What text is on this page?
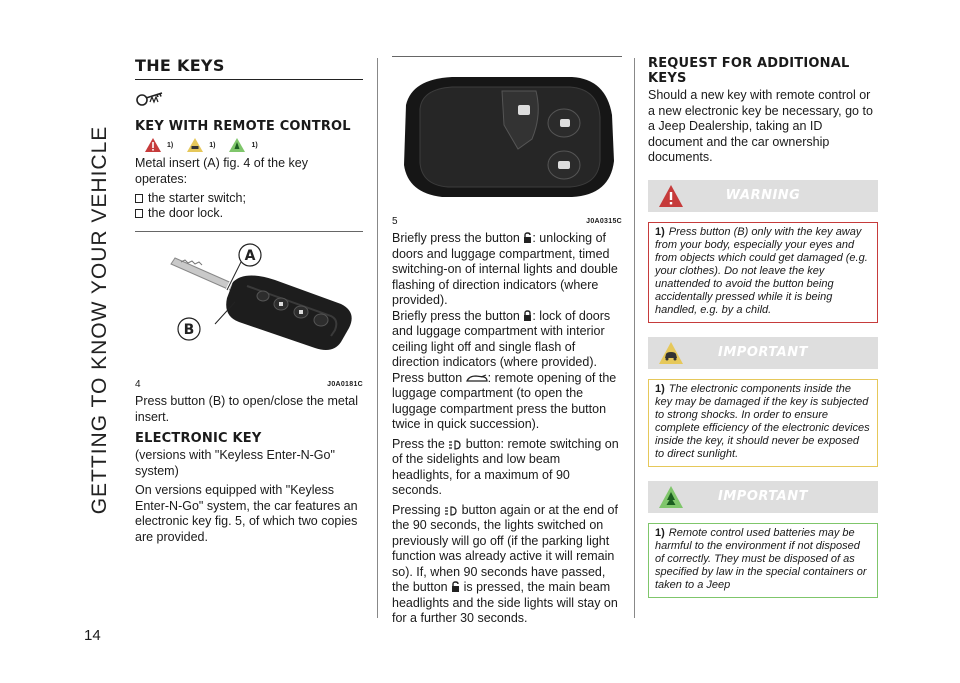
GETTING TO KNOW YOUR VEHICLE
THE KEYS
KEY WITH REMOTE CONTROL
1)	1)	1)

Metal insert (A) fig. 4 of the key operates:

the starter switch;
the door lock.
A
B
4	J0A0181C

Press button (B) to open/close the metal insert.

ELECTRONIC KEY

(versions with "Keyless Enter-N-Go" system)

On versions equipped with "Keyless Enter-N-Go" system, the car features an electronic key fig. 5, of which two copies are provided.

5	J0A0315C

Briefly press the button : unlocking of doors and luggage compartment, timed switching-on of internal lights and double flashing of direction indicators (where provided).

Briefly press the button : lock of doors and luggage compartment with interior ceiling light off and single flash of direction indicators (where provided).

Press button : remote opening of the luggage compartment (to open the luggage compartment press the button twice in quick succession).

Press the button: remote switching on of the sidelights and low beam headlights, for a maximum of 90 seconds.

Pressing button again or at the end of the 90 seconds, the lights switched on previously will go off (if the parking light function was already active it will remain so). If, when 90 seconds have passed, the button is pressed, the main beam headlights and the side lights will stay on for a further 30 seconds.

REQUEST FOR ADDITIONAL KEYS

Should a new key with remote control or a new electronic key be necessary, go to a Jeep Dealership, taking an ID document and the car ownership documents.

WARNING
1) Press button (B) only with the key away from your body, especially your eyes and from objects which could get damaged (e.g. your clothes). Do not leave the key unattended to avoid the button being accidentally pressed while it is being handled, e.g. by a child.
IMPORTANT
1) The electronic components inside the key may be damaged if the key is subjected to strong shocks. In order to ensure complete efficiency of the electronic devices inside the key, it should never be exposed to direct sunlight.
IMPORTANT
1) Remote control used batteries may be harmful to the environment if not disposed of correctly. They must be disposed of as specified by law in the special containers or taken to a Jeep
14
